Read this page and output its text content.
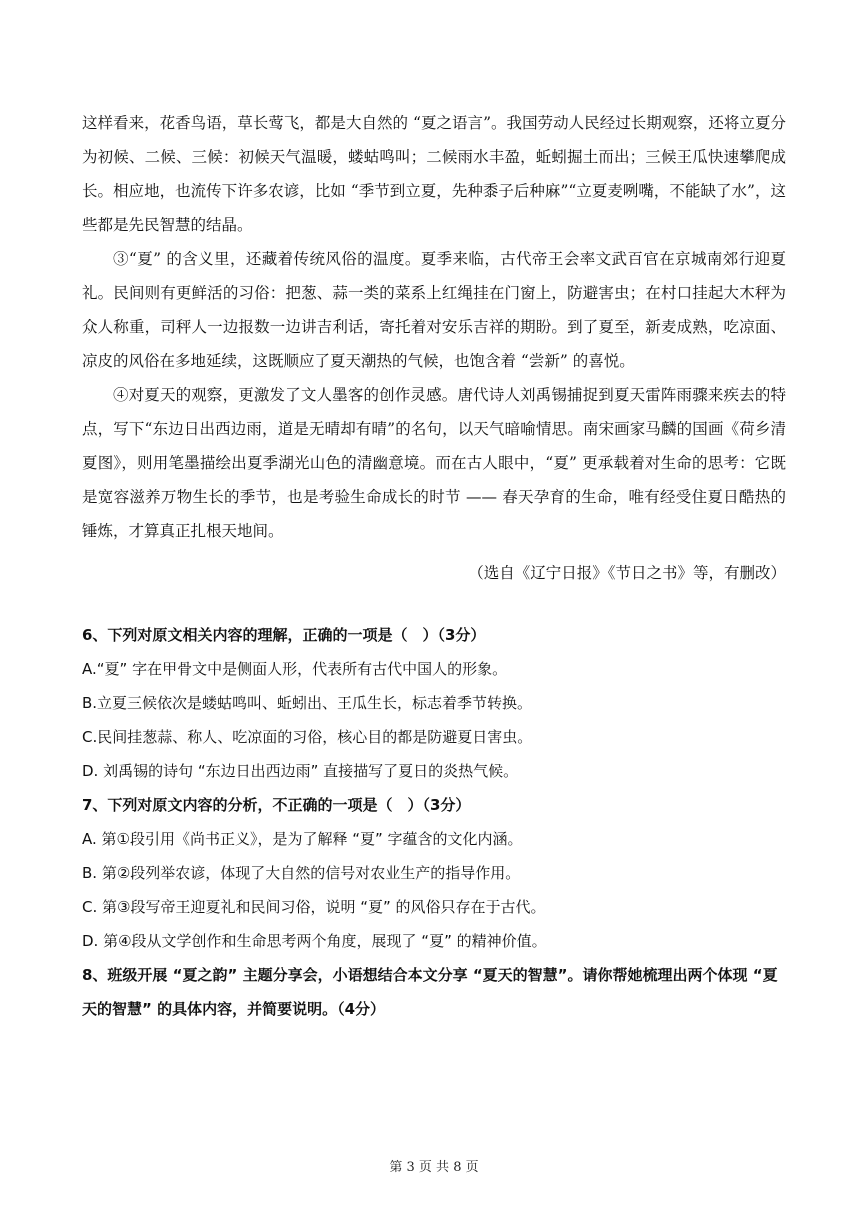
这样看来，花香鸟语，草长莺飞，都是大自然的 “夏之语言”。我国劳动人民经过长期观察，还将立夏分为初候、二候、三候：初候天气温暖，蝼蛄鸣叫；二候雨水丰盈，蚯蚓掘土而出；三候王瓜快速攀爬成长。相应地，也流传下许多农谚，比如 “季节到立夏，先种黍子后种麻”“立夏麦咧嘴，不能缺了水”，这些都是先民智慧的结晶。

③“夏” 的含义里，还藏着传统风俗的温度。夏季来临，古代帝王会率文武百官在京城南郊行迎夏礼。民间则有更鲜活的习俗：把葱、蒜一类的菜系上红绳挂在门窗上，防避害虫；在村口挂起大木秤为众人称重，司秤人一边报数一边讲吉利话，寄托着对安乐吉祥的期盼。到了夏至，新麦成熟，吃凉面、凉皮的风俗在多地延续，这既顺应了夏天潮热的气候，也饱含着 “尝新” 的喜悦。

④对夏天的观察，更激发了文人墨客的创作灵感。唐代诗人刘禹锡捕捉到夏天雷阵雨骤来疾去的特点，写下“东边日出西边雨，道是无晴却有晴”的名句，以天气暗喻情思。南宋画家马麟的国画《荷乡清夏图》，则用笔墨描绘出夏季湖光山色的清幽意境。而在古人眼中，“夏” 更承载着对生命的思考：它既是宽容滋养万物生长的季节，也是考验生命成长的时节 —— 春天孕育的生命，唯有经受住夏日酷热的锤炼，才算真正扎根天地间。

（选自《辽宁日报》《节日之书》等，有删改）

6、下列对原文相关内容的理解，正确的一项是（　）（3分）

A.“夏” 字在甲骨文中是侧面人形，代表所有古代中国人的形象。

B.立夏三候依次是蝼蛄鸣叫、蚯蚓出、王瓜生长，标志着季节转换。

C.民间挂葱蒜、称人、吃凉面的习俗，核心目的都是防避夏日害虫。

D. 刘禹锡的诗句 “东边日出西边雨” 直接描写了夏日的炎热气候。

7、下列对原文内容的分析，不正确的一项是（　）（3分）

A. 第①段引用《尚书正义》，是为了解释 “夏” 字蕴含的文化内涵。

B. 第②段列举农谚，体现了大自然的信号对农业生产的指导作用。

C. 第③段写帝王迎夏礼和民间习俗，说明 “夏” 的风俗只存在于古代。

D. 第④段从文学创作和生命思考两个角度，展现了 “夏” 的精神价值。

8、班级开展 “夏之韵” 主题分享会，小语想结合本文分享 “夏天的智慧”。请你帮她梳理出两个体现 “夏天的智慧” 的具体内容，并简要说明。（4分）

第 3 页 共 8 页
